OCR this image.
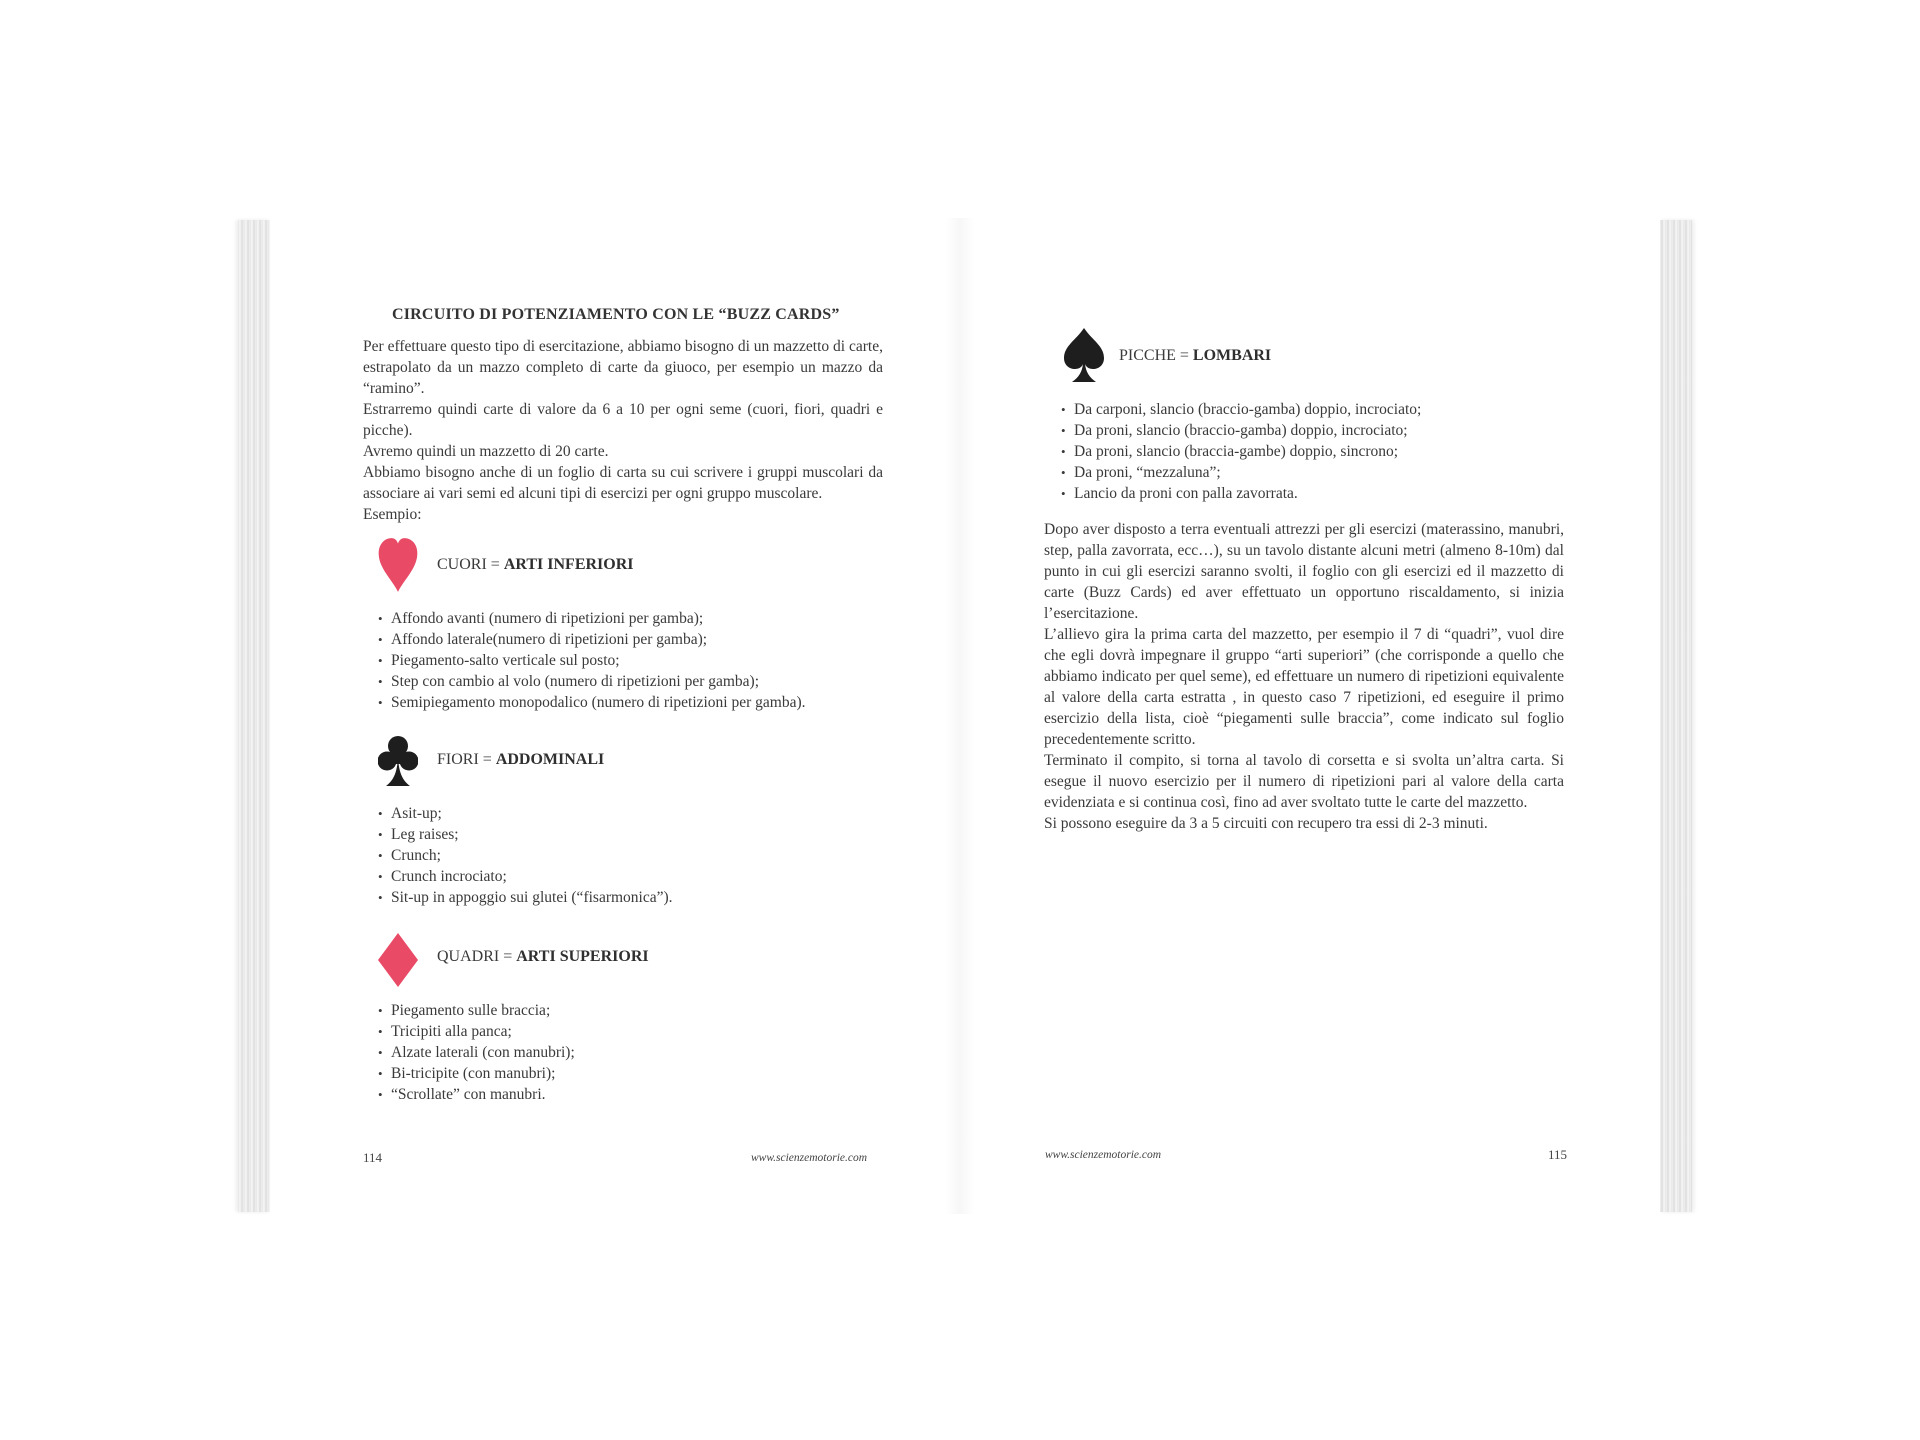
CIRCUITO DI POTENZIAMENTO CON LE “BUZZ CARDS”

Per effettuare questo tipo di esercitazione, abbiamo bisogno di un mazzetto di carte, estrapolato da un mazzo completo di carte da giuoco, per esempio un mazzo da “ramino”.

Estrarremo quindi carte di valore da 6 a 10 per ogni seme (cuori, fiori, quadri e picche).

Avremo quindi un mazzetto di 20 carte.

Abbiamo bisogno anche di un foglio di carta su cui scrivere i gruppi muscolari da associare ai vari semi ed alcuni tipi di esercizi per ogni gruppo muscolare.

Esempio:

CUORI = ARTI INFERIORI
• Affondo avanti (numero di ripetizioni per gamba);
• Affondo laterale(numero di ripetizioni per gamba);
• Piegamento-salto verticale sul posto;
• Step con cambio al volo (numero di ripetizioni per gamba);
• Semipiegamento monopodalico (numero di ripetizioni per gamba).
FIORI = ADDOMINALI
• Asit-up;
• Leg raises;
• Crunch;
• Crunch incrociato;
• Sit-up in appoggio sui glutei (“fisarmonica”).
QUADRI = ARTI SUPERIORI
• Piegamento sulle braccia;
• Tricipiti alla panca;
• Alzate laterali (con manubri);
• Bi-tricipite (con manubri);
• “Scrollate” con manubri.
114	www.scienzemotorie.com
PICCHE = LOMBARI
• Da carponi, slancio (braccio-gamba) doppio, incrociato;
• Da proni, slancio (braccio-gamba) doppio, incrociato;
• Da proni, slancio (braccia-gambe) doppio, sincrono;
• Da proni, “mezzaluna”;
• Lancio da proni con palla zavorrata.

Dopo aver disposto a terra eventuali attrezzi per gli esercizi (materassino, manubri, step, palla zavorrata, ecc…), su un tavolo distante alcuni metri (almeno 8-10m) dal punto in cui gli esercizi saranno svolti, il foglio con gli esercizi ed il mazzetto di carte (Buzz Cards) ed aver effettuato un opportuno riscaldamento, si inizia l’esercitazione.

L’allievo gira la prima carta del mazzetto, per esempio il 7 di “quadri”, vuol dire che egli dovrà impegnare il gruppo “arti superiori” (che corrisponde a quello che abbiamo indicato per quel seme), ed effettuare un numero di ripetizioni equivalente al valore della carta estratta , in questo caso 7 ripetizioni, ed eseguire il primo esercizio della lista, cioè “piegamenti sulle braccia”, come indicato sul foglio precedentemente scritto.

Terminato il compito, si torna al tavolo di corsetta e si svolta un’altra carta. Si esegue il nuovo esercizio per il numero di ripetizioni pari al valore della carta evidenziata e si continua così, fino ad aver svoltato tutte le carte del mazzetto.

Si possono eseguire da 3 a 5 circuiti con recupero tra essi di 2-3 minuti.

www.scienzemotorie.com	115
